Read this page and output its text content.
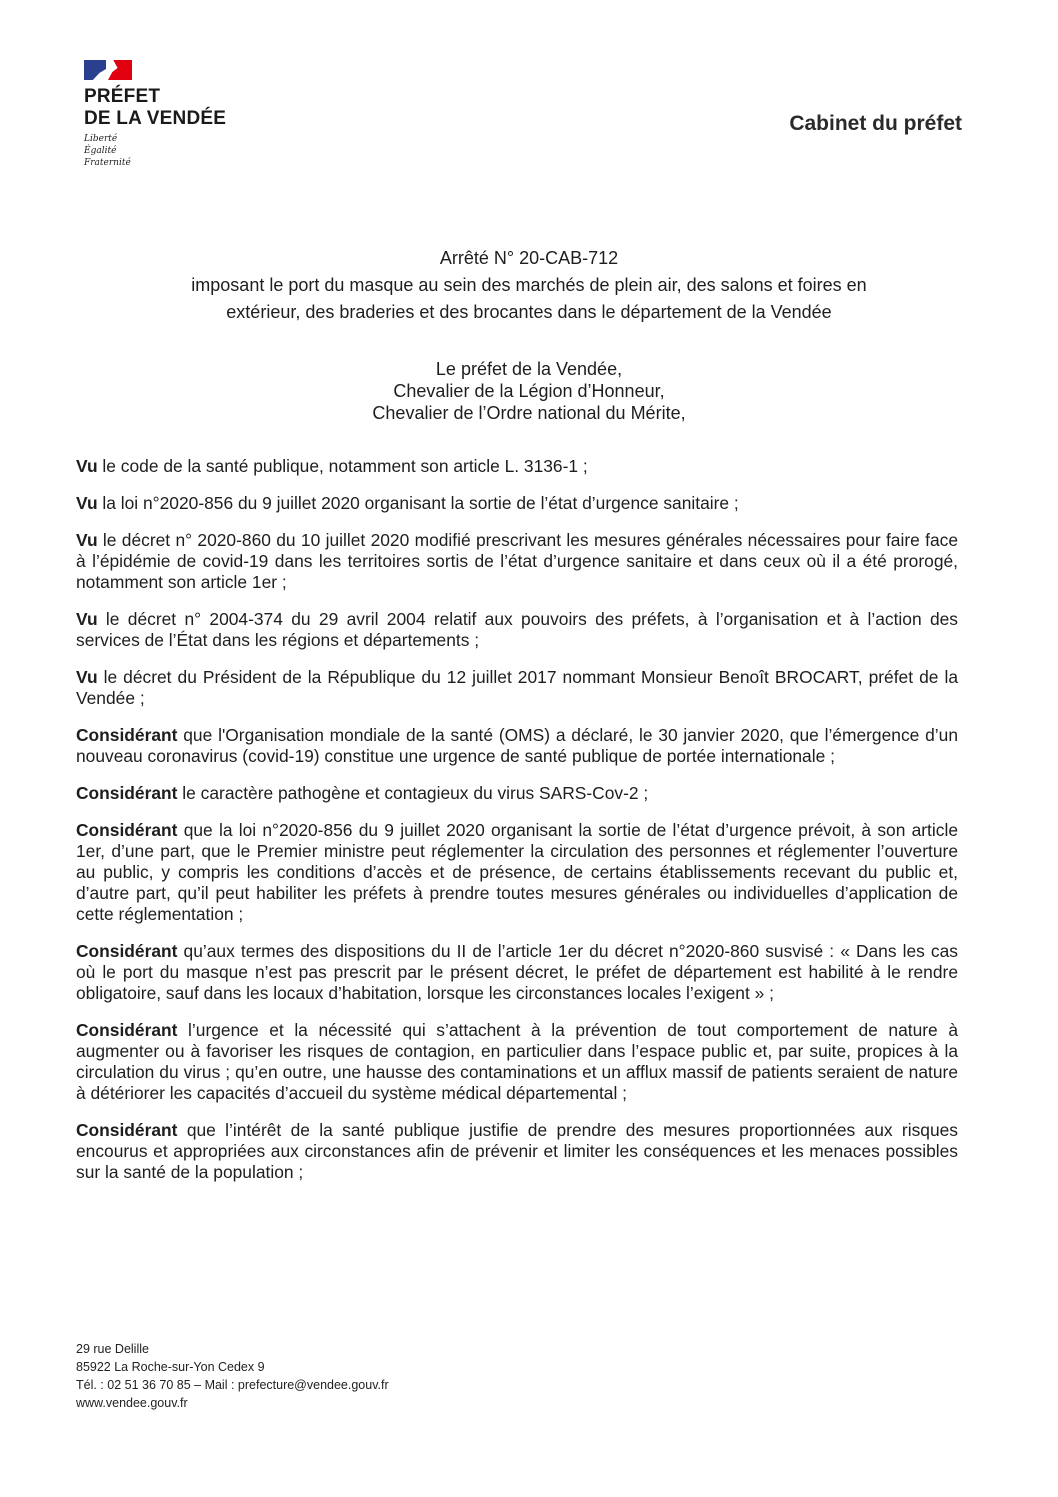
PRÉFET
DE LA VENDÉE
Liberté
Égalité
Fraternité
Cabinet du préfet
Arrêté N° 20-CAB-712
imposant le port du masque au sein des marchés de plein air, des salons et foires en
extérieur, des braderies et des brocantes dans le département de la Vendée
Le préfet de la Vendée,
Chevalier de la Légion d’Honneur,
Chevalier de l’Ordre national du Mérite,

Vu le code de la santé publique, notamment son article L. 3136-1 ;

Vu la loi n°2020-856 du 9 juillet 2020 organisant la sortie de l’état d’urgence sanitaire ;

Vu le décret n° 2020-860 du 10 juillet 2020 modifié prescrivant les mesures générales nécessaires pour faire face à l’épidémie de covid-19 dans les territoires sortis de l’état d’urgence sanitaire et dans ceux où il a été prorogé, notamment son article 1er ;

Vu le décret n° 2004-374 du 29 avril 2004 relatif aux pouvoirs des préfets, à l’organisation et à l’action des services de l’État dans les régions et départements ;

Vu le décret du Président de la République du 12 juillet 2017 nommant Monsieur Benoît BROCART, préfet de la Vendée ;

Considérant que l'Organisation mondiale de la santé (OMS) a déclaré, le 30 janvier 2020, que l’émergence d’un nouveau coronavirus (covid-19) constitue une urgence de santé publique de portée internationale ;

Considérant le caractère pathogène et contagieux du virus SARS-Cov-2 ;

Considérant que la loi n°2020-856 du 9 juillet 2020 organisant la sortie de l’état d’urgence prévoit, à son article 1er, d’une part, que le Premier ministre peut réglementer la circulation des personnes et réglementer l’ouverture au public, y compris les conditions d’accès et de présence, de certains établissements recevant du public et, d’autre part, qu’il peut habiliter les préfets à prendre toutes mesures générales ou individuelles d’application de cette réglementation ;

Considérant qu’aux termes des dispositions du II de l’article 1er du décret n°2020-860 susvisé : « Dans les cas où le port du masque n’est pas prescrit par le présent décret, le préfet de département est habilité à le rendre obligatoire, sauf dans les locaux d’habitation, lorsque les circonstances locales l’exigent » ;

Considérant l’urgence et la nécessité qui s’attachent à la prévention de tout comportement de nature à augmenter ou à favoriser les risques de contagion, en particulier dans l’espace public et, par suite, propices à la circulation du virus ; qu’en outre, une hausse des contaminations et un afflux massif de patients seraient de nature à détériorer les capacités d’accueil du système médical départemental ;

Considérant que l’intérêt de la santé publique justifie de prendre des mesures proportionnées aux risques encourus et appropriées aux circonstances afin de prévenir et limiter les conséquences et les menaces possibles sur la santé de la population ;

29 rue Delille
85922 La Roche-sur-Yon Cedex 9
Tél. : 02 51 36 70 85 – Mail : prefecture@vendee.gouv.fr
www.vendee.gouv.fr
